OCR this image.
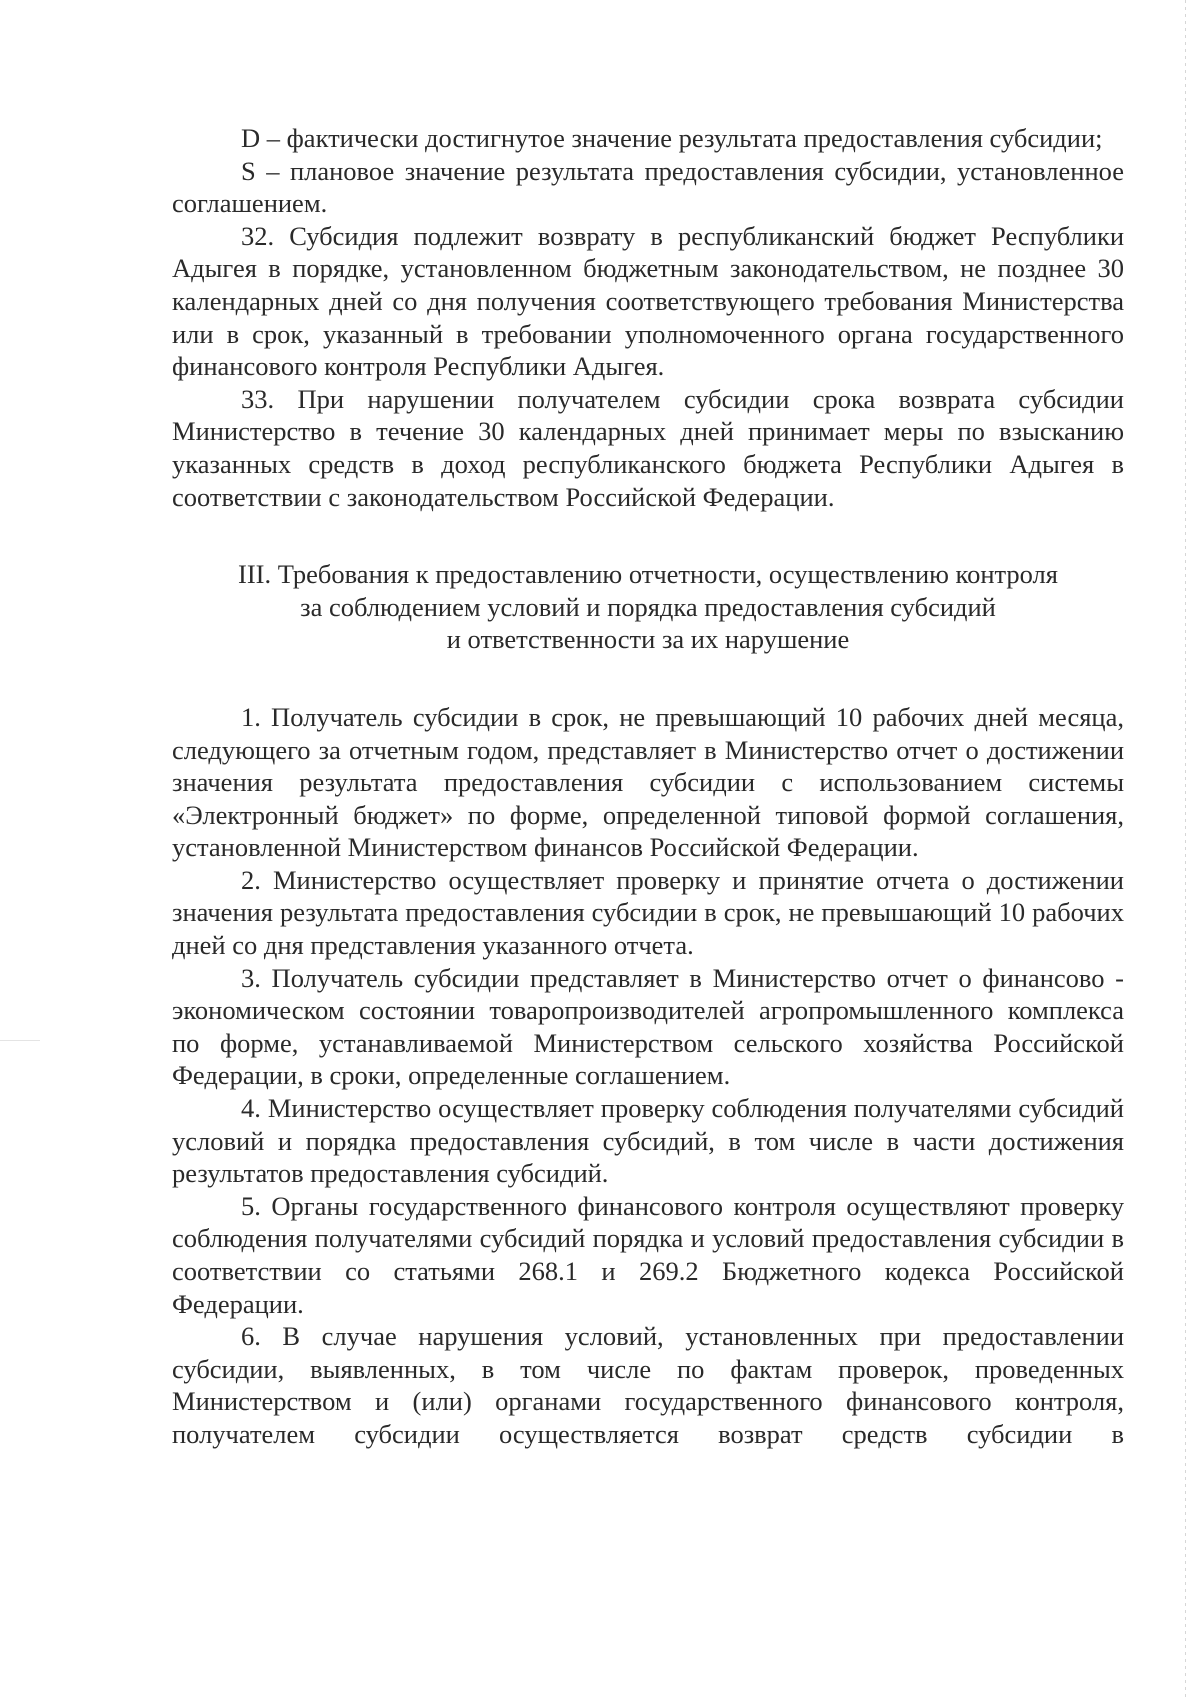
D – фактически достигнутое значение результата предоставления субсидии;

S – плановое значение результата предоставления субсидии, установленное соглашением.

32. Субсидия подлежит возврату в республиканский бюджет Республики Адыгея в порядке, установленном бюджетным законодательством, не позднее 30 календарных дней со дня получения соответствующего требования Министерства или в срок, указанный в требовании уполномоченного органа государственного финансового контроля Республики Адыгея.

33. При нарушении получателем субсидии срока возврата субсидии Министерство в течение 30 календарных дней принимает меры по взысканию указанных средств в доход республиканского бюджета Республики Адыгея в соответствии с законодательством Российской Федерации.

III. Требования к предоставлению отчетности, осуществлению контроля
за соблюдением условий и порядка предоставления субсидий
и ответственности за их нарушение

1. Получатель субсидии в срок, не превышающий 10 рабочих дней месяца, следующего за отчетным годом, представляет в Министерство отчет о достижении значения результата предоставления субсидии с использованием системы «Электронный бюджет» по форме, определенной типовой формой соглашения, установленной Министерством финансов Российской Федерации.

2. Министерство осуществляет проверку и принятие отчета о достижении значения результата предоставления субсидии в срок, не превышающий 10 рабочих дней со дня представления указанного отчета.

3. Получатель субсидии представляет в Министерство отчет о финансово - экономическом состоянии товаропроизводителей агропромышленного комплекса по форме, устанавливаемой Министерством сельского хозяйства Российской Федерации, в сроки, определенные соглашением.

4. Министерство осуществляет проверку соблюдения получателями субсидий условий и порядка предоставления субсидий, в том числе в части достижения результатов предоставления субсидий.

5. Органы государственного финансового контроля осуществляют проверку соблюдения получателями субсидий порядка и условий предоставления субсидии в соответствии со статьями 268.1 и 269.2 Бюджетного кодекса Российской Федерации.

6. В случае нарушения условий, установленных при предоставлении субсидии, выявленных, в том числе по фактам проверок, проведенных Министерством и (или) органами государственного финансового контроля, получателем субсидии осуществляется возврат средств субсидии в
